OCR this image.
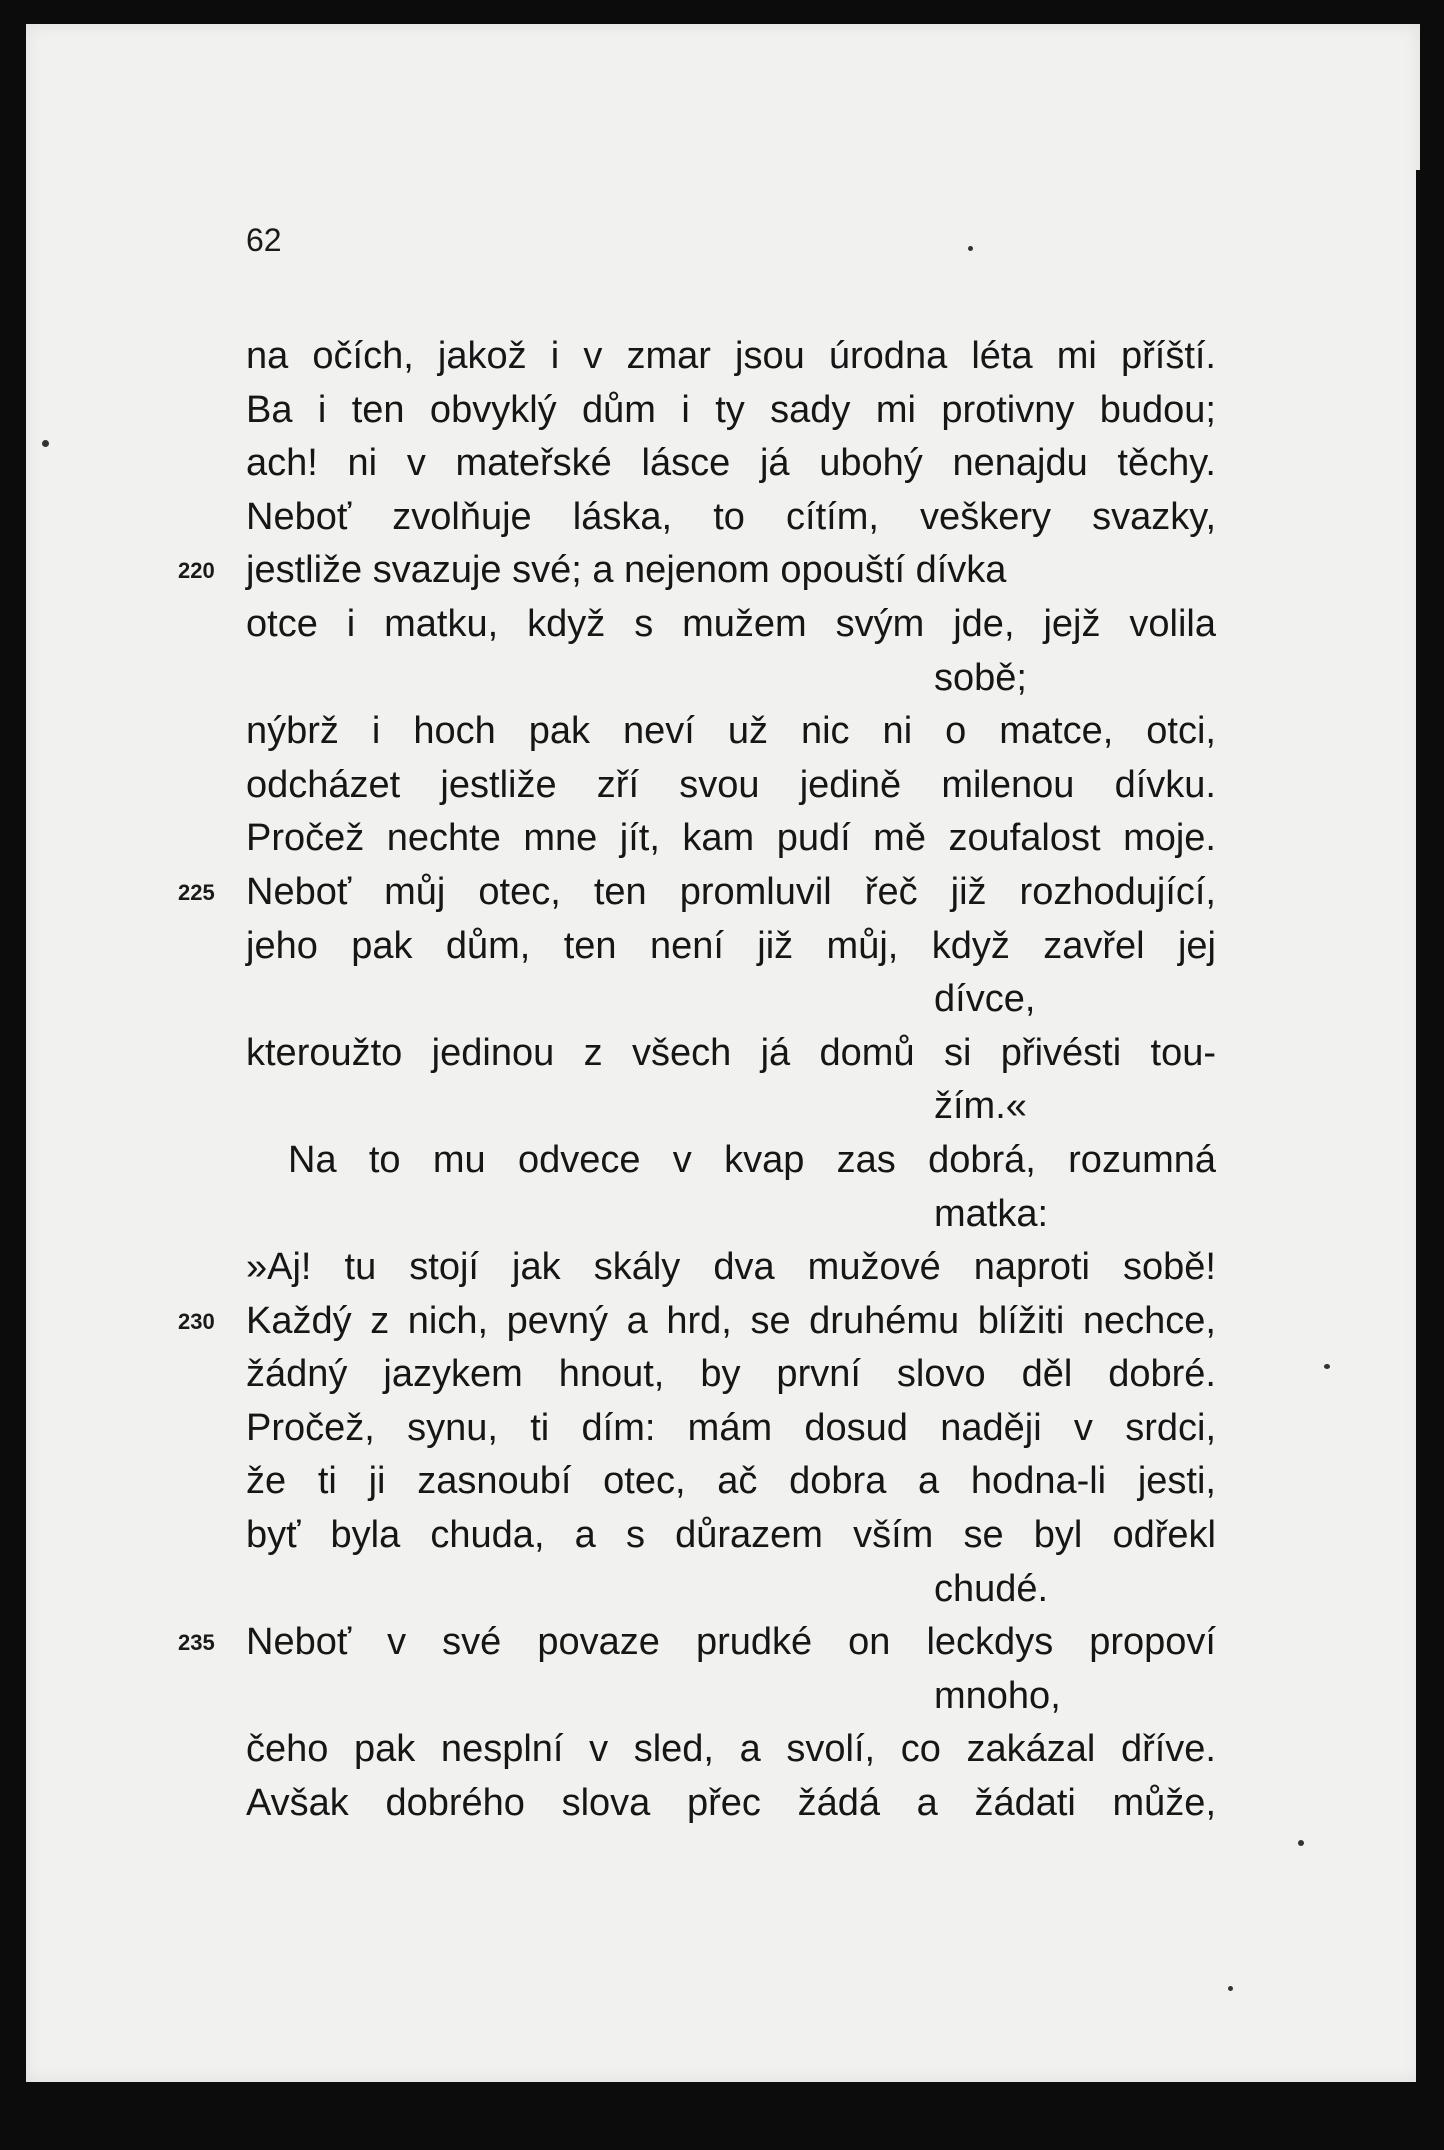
62
na očích, jakož i v zmar jsou úrodna léta mi příští.
Ba i ten obvyklý dům i ty sady mi protivny budou;
ach! ni v mateřské lásce já ubohý nenajdu těchy.
Neboť zvolňuje láska, to cítím, veškery svazky,
220 jestliže svazuje své; a nejenom opouští dívka
otce i matku, když s mužem svým jde, jejž volila
sobě;
nýbrž i hoch pak neví už nic ni o matce, otci,
odcházet jestliže zří svou jedině milenou dívku.
Pročež nechte mne jít, kam pudí mě zoufalost moje.
225 Neboť můj otec, ten promluvil řeč již rozhodující,
jeho pak dům, ten není již můj, když zavřel jej
dívce,
kteroužto jedinou z všech já domů si přivésti tou-
žím.«
Na to mu odvece v kvap zas dobrá, rozumná
matka:
»Aj! tu stojí jak skály dva mužové naproti sobě!
230 Každý z nich, pevný a hrd, se druhému blížiti nechce,
žádný jazykem hnout, by první slovo děl dobré.
Pročež, synu, ti dím: mám dosud naději v srdci,
že ti ji zasnoubí otec, ač dobra a hodna-li jesti,
byť byla chuda, a s důrazem vším se byl odřekl
chudé.
235 Neboť v své povaze prudké on leckdys propoví
mnoho,
čeho pak nesplní v sled, a svolí, co zakázal dříve.
Avšak dobrého slova přec žádá a žádati může,
